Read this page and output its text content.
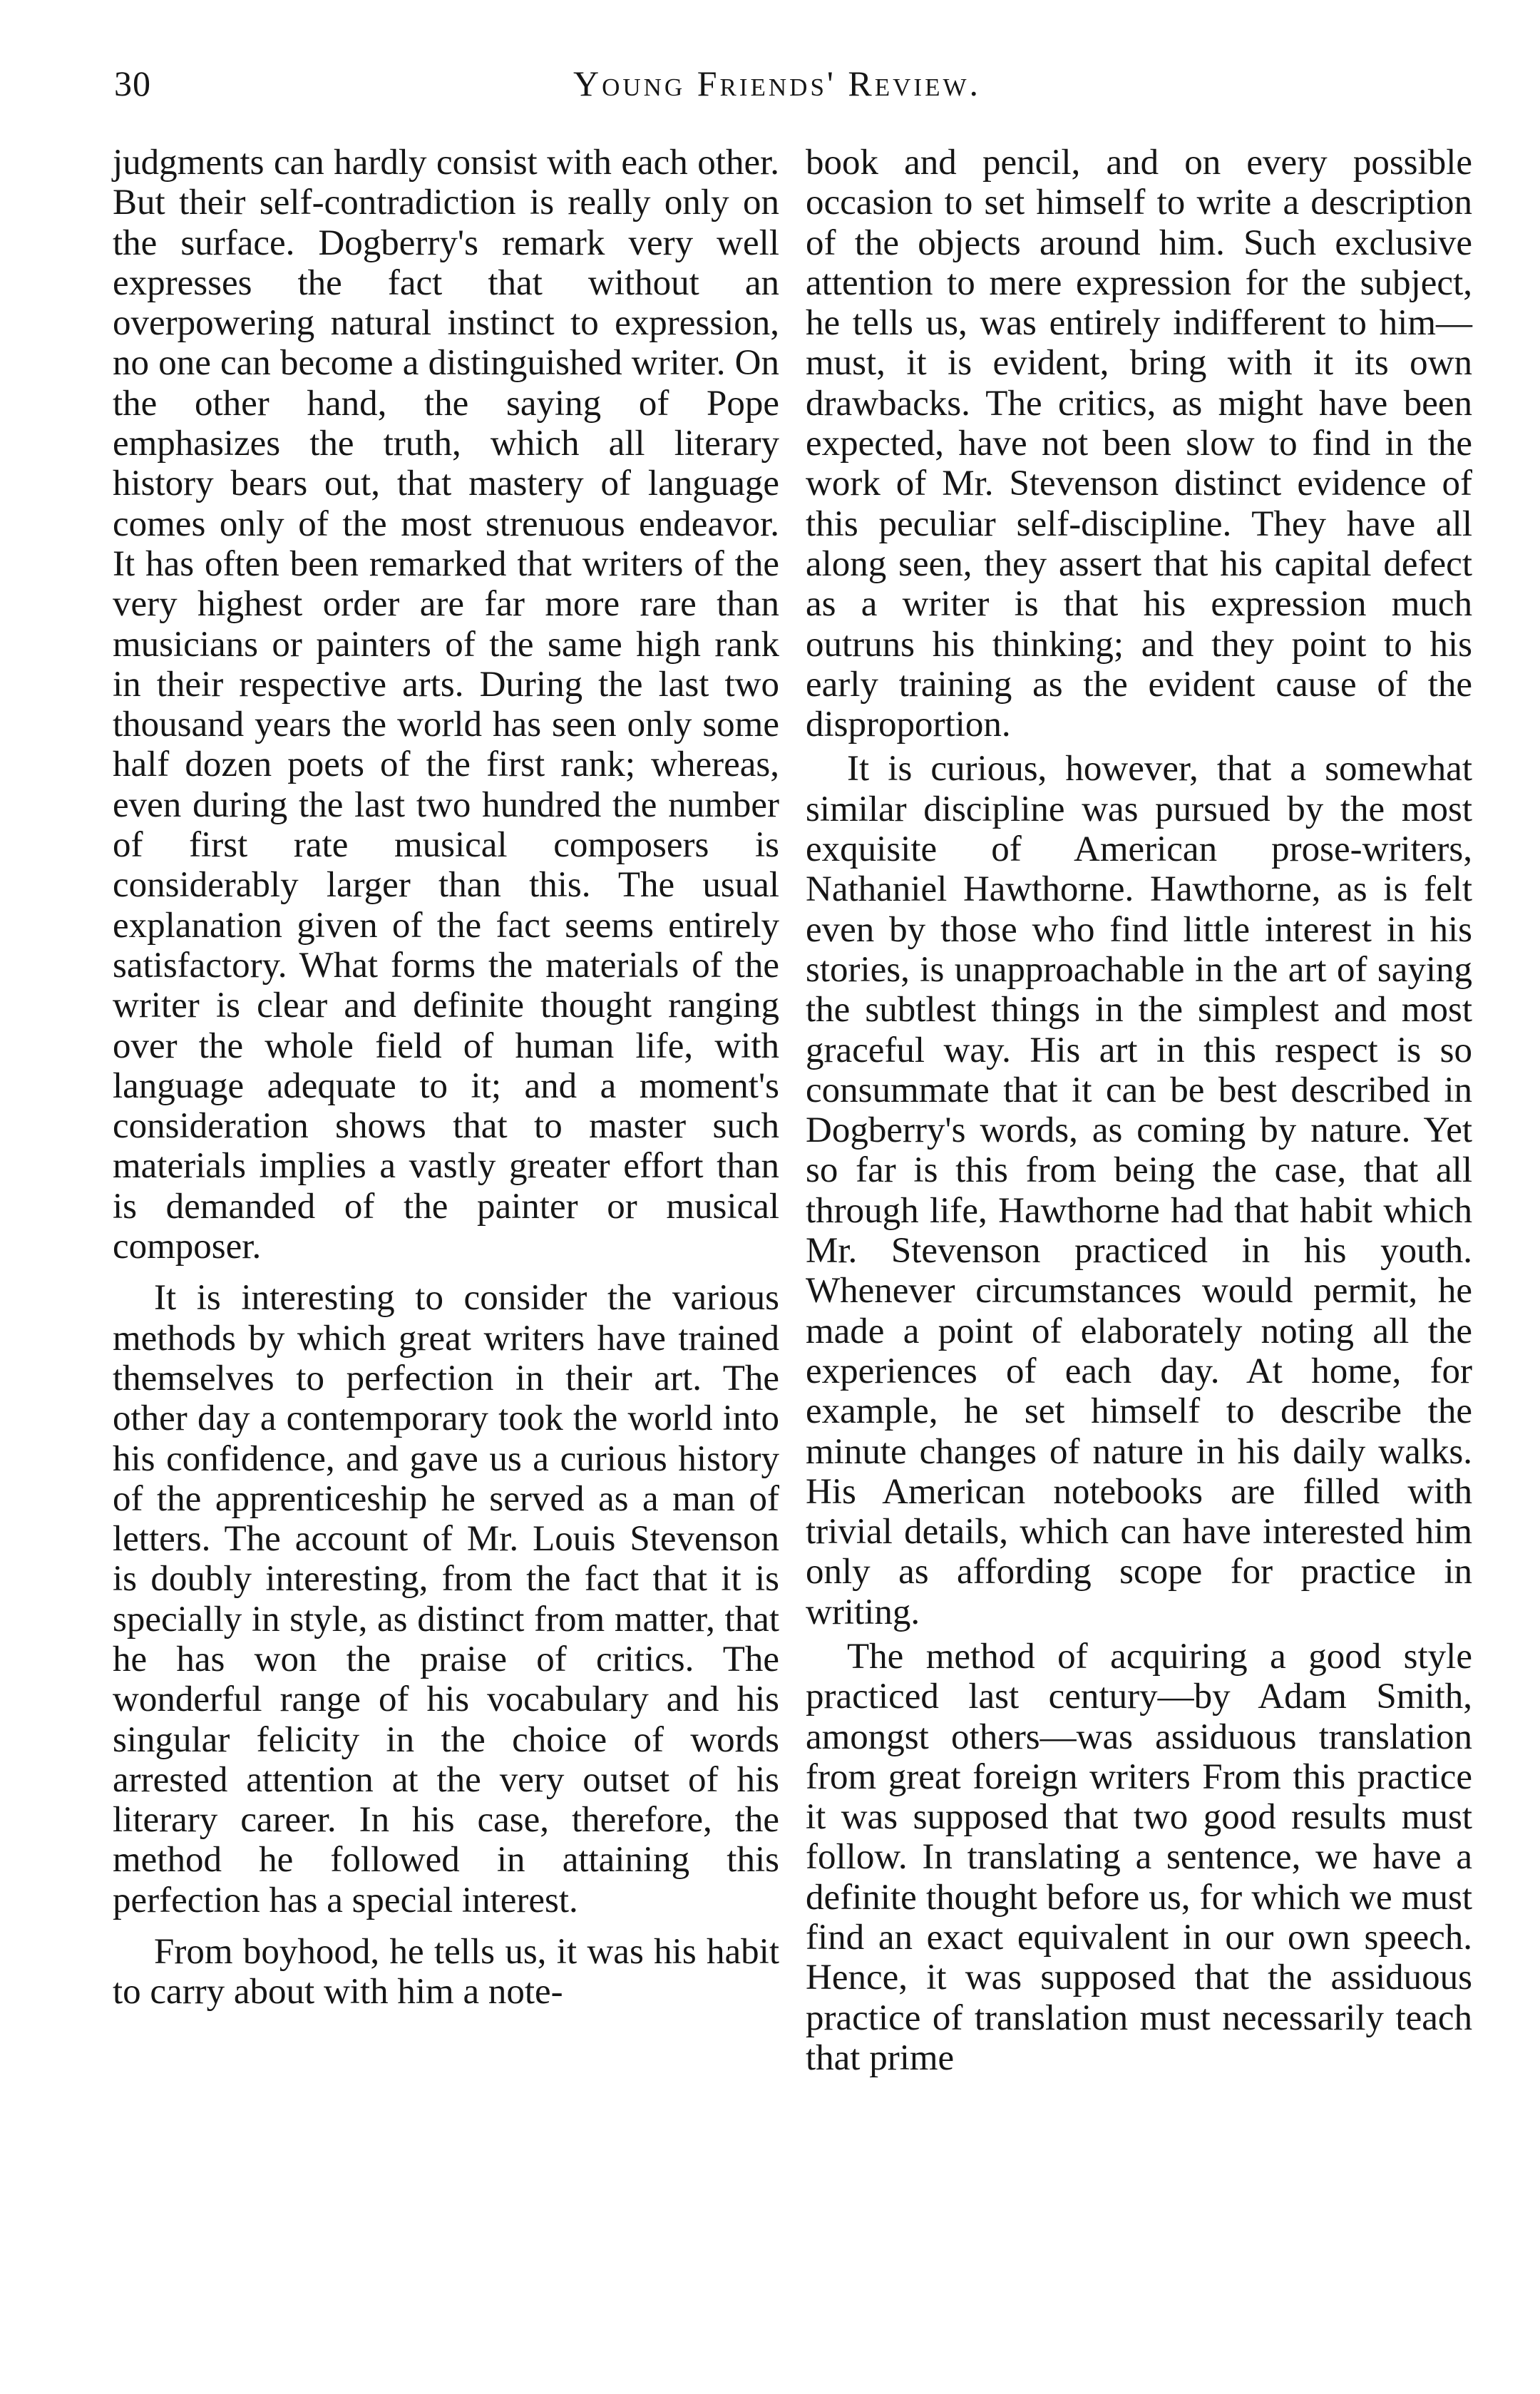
30	Young Friends' Review.

judgments can hardly consist with each other. But their self-contradiction is really only on the surface. Dogberry's remark very well expresses the fact that without an overpowering natural instinct to expression, no one can become a distinguished writer. On the other hand, the saying of Pope emphasizes the truth, which all literary history bears out, that mastery of language comes only of the most strenuous endeavor. It has often been remarked that writers of the very highest order are far more rare than musicians or painters of the same high rank in their respective arts. During the last two thousand years the world has seen only some half dozen poets of the first rank; whereas, even during the last two hundred the number of first rate musical composers is considerably larger than this. The usual explanation given of the fact seems entirely satisfactory. What forms the materials of the writer is clear and definite thought ranging over the whole field of human life, with language adequate to it; and a moment's consideration shows that to master such materials implies a vastly greater effort than is demanded of the painter or musical composer.

It is interesting to consider the various methods by which great writers have trained themselves to perfection in their art. The other day a contemporary took the world into his confidence, and gave us a curious history of the apprenticeship he served as a man of letters. The account of Mr. Louis Stevenson is doubly interesting, from the fact that it is specially in style, as distinct from matter, that he has won the praise of critics. The wonderful range of his vocabulary and his singular felicity in the choice of words arrested attention at the very outset of his literary career. In his case, therefore, the method he followed in attaining this perfection has a special interest.

From boyhood, he tells us, it was his habit to carry about with him a note-

book and pencil, and on every possible occasion to set himself to write a description of the objects around him. Such exclusive attention to mere expression for the subject, he tells us, was entirely indifferent to him—must, it is evident, bring with it its own drawbacks. The critics, as might have been expected, have not been slow to find in the work of Mr. Stevenson distinct evidence of this peculiar self-discipline. They have all along seen, they assert that his capital defect as a writer is that his expression much outruns his thinking; and they point to his early training as the evident cause of the disproportion.

It is curious, however, that a somewhat similar discipline was pursued by the most exquisite of American prose-writers, Nathaniel Hawthorne. Hawthorne, as is felt even by those who find little interest in his stories, is unapproachable in the art of saying the subtlest things in the simplest and most graceful way. His art in this respect is so consummate that it can be best described in Dogberry's words, as coming by nature. Yet so far is this from being the case, that all through life, Hawthorne had that habit which Mr. Stevenson practiced in his youth. Whenever circumstances would permit, he made a point of elaborately noting all the experiences of each day. At home, for example, he set himself to describe the minute changes of nature in his daily walks. His American notebooks are filled with trivial details, which can have interested him only as affording scope for practice in writing.

The method of acquiring a good style practiced last century—by Adam Smith, amongst others—was assiduous translation from great foreign writers From this practice it was supposed that two good results must follow. In translating a sentence, we have a definite thought before us, for which we must find an exact equivalent in our own speech. Hence, it was supposed that the assiduous practice of translation must necessarily teach that prime
